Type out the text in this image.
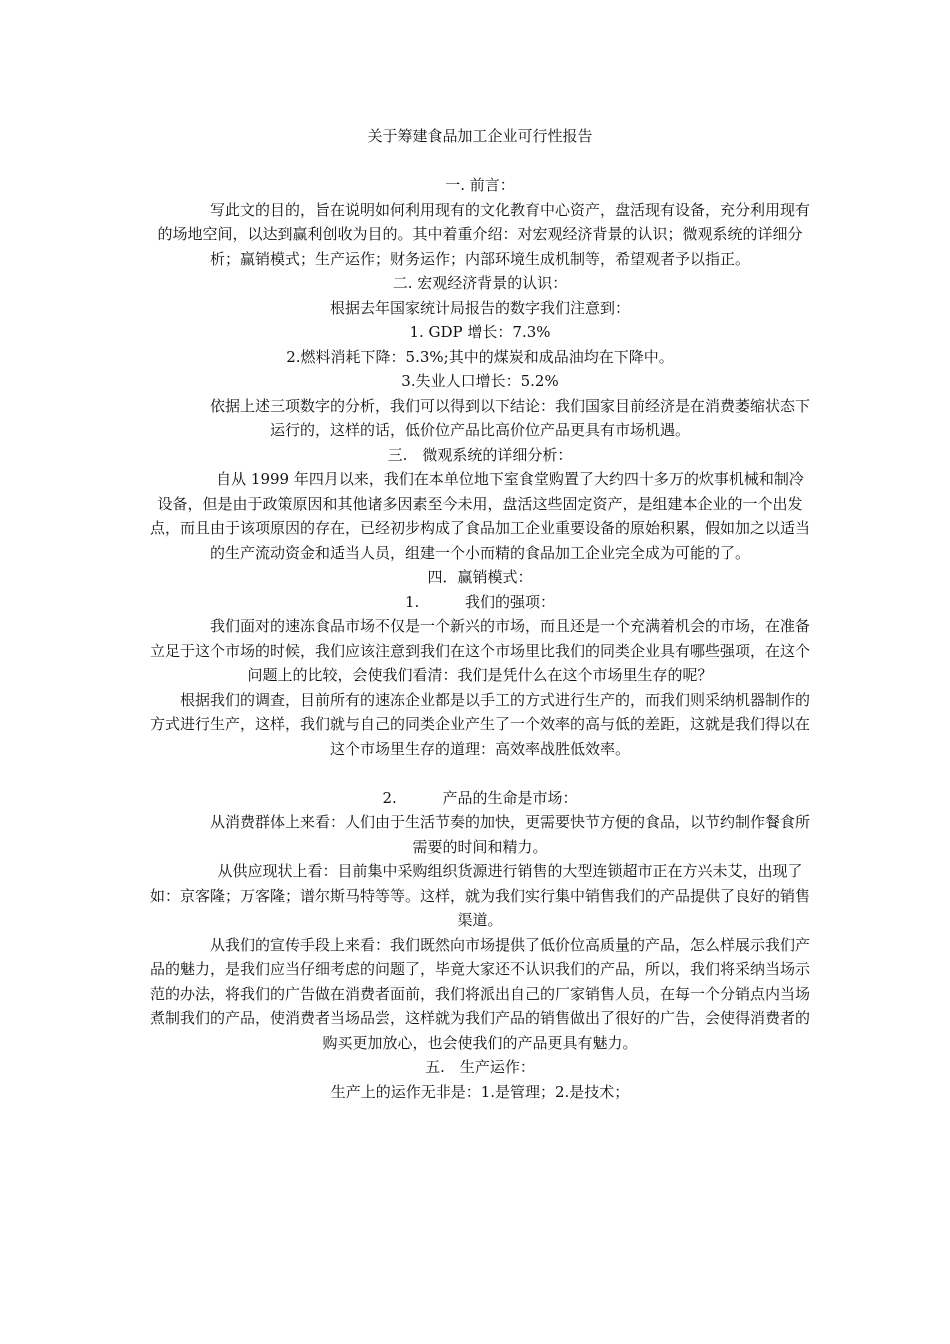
关于筹建食品加工企业可行性报告
一. 前言：

写此文的目的，旨在说明如何利用现有的文化教育中心资产，盘活现有设备，充分利用现有的场地空间，以达到赢利创收为目的。其中着重介绍：对宏观经济背景的认识；微观系统的详细分析；赢销模式；生产运作；财务运作；内部环境生成机制等，希望观者予以指正。

二. 宏观经济背景的认识：
根据去年国家统计局报告的数字我们注意到：
1. GDP 增长：7.3%
2.燃料消耗下降：5.3%;其中的煤炭和成品油均在下降中。
3.失业人口增长：5.2%

依据上述三项数字的分析，我们可以得到以下结论：我们国家目前经济是在消费萎缩状态下运行的，这样的话，低价位产品比高价位产品更具有市场机遇。

三.　微观系统的详细分析：

自从 1999 年四月以来，我们在本单位地下室食堂购置了大约四十多万的炊事机械和制冷设备，但是由于政策原因和其他诸多因素至今未用，盘活这些固定资产，是组建本企业的一个出发点，而且由于该项原因的存在，已经初步构成了食品加工企业重要设备的原始积累，假如加之以适当的生产流动资金和适当人员，组建一个小而精的食品加工企业完全成为可能的了。

四．赢销模式：
1.	我们的强项：

我们面对的速冻食品市场不仅是一个新兴的市场，而且还是一个充满着机会的市场，在准备立足于这个市场的时候，我们应该注意到我们在这个市场里比我们的同类企业具有哪些强项，在这个问题上的比较，会使我们看清：我们是凭什么在这个市场里生存的呢？

根据我们的调查，目前所有的速冻企业都是以手工的方式进行生产的，而我们则采纳机器制作的方式进行生产，这样，我们就与自己的同类企业产生了一个效率的高与低的差距，这就是我们得以在这个市场里生存的道理：高效率战胜低效率。

2.	产品的生命是市场：

从消费群体上来看：人们由于生活节奏的加快，更需要快节方便的食品，以节约制作餐食所需要的时间和精力。

从供应现状上看：目前集中采购组织货源进行销售的大型连锁超市正在方兴未艾，出现了如：京客隆；万客隆；谱尔斯马特等等。这样，就为我们实行集中销售我们的产品提供了良好的销售渠道。

从我们的宣传手段上来看：我们既然向市场提供了低价位高质量的产品，怎么样展示我们产品的魅力，是我们应当仔细考虑的问题了，毕竟大家还不认识我们的产品，所以，我们将采纳当场示范的办法，将我们的广告做在消费者面前，我们将派出自己的厂家销售人员，在每一个分销点内当场煮制我们的产品，使消费者当场品尝，这样就为我们产品的销售做出了很好的广告，会使得消费者的购买更加放心，也会使我们的产品更具有魅力。

五.　生产运作：
生产上的运作无非是：1.是管理；2.是技术；
